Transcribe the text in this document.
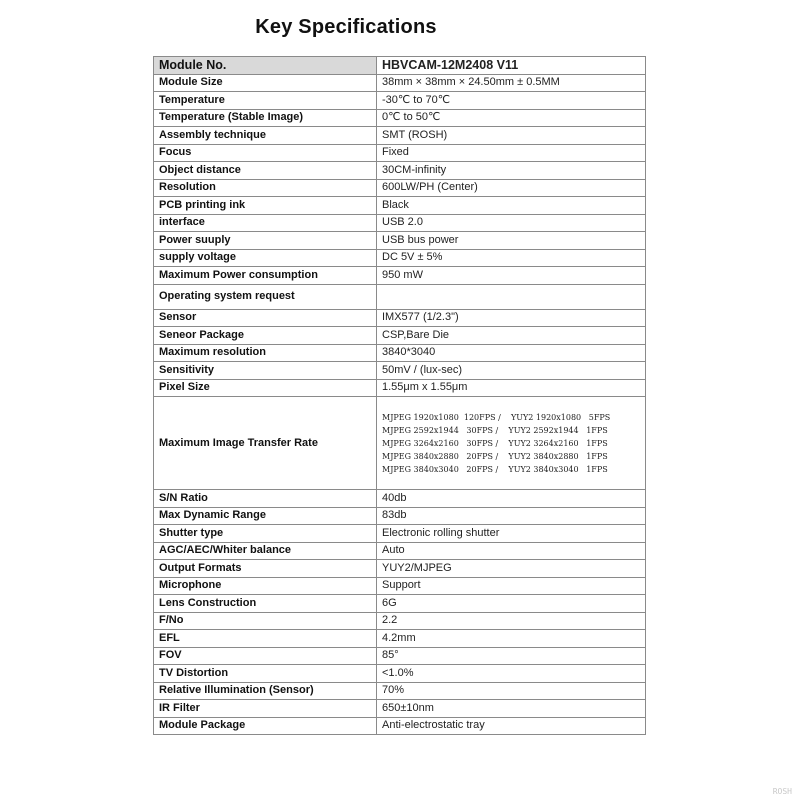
Key Specifications
Module No.	HBVCAM-12M2408 V11
Module Size	38mm × 38mm × 24.50mm ± 0.5MM
Temperature	-30℃ to 70℃
Temperature (Stable Image)	0℃ to 50℃
Assembly technique	SMT (ROSH)
Focus	Fixed
Object distance	30CM-infinity
Resolution	600LW/PH (Center)
PCB printing ink	Black
interface	USB 2.0
Power suuply	USB bus power
supply voltage	DC 5V ± 5%
Maximum Power consumption	950 mW
Operating system request	
Sensor	IMX577 (1/2.3")
Seneor Package	CSP,Bare Die
Maximum resolution	3840*3040
Sensitivity	50mV / (lux-sec)
Pixel Size	1.55μm x 1.55μm
Maximum Image Transfer Rate	MJPEG 1920x1080  120FPS /    YUY2 1920x1080   5FPS
MJPEG 2592x1944   30FPS /    YUY2 2592x1944   1FPS
MJPEG 3264x2160   30FPS /    YUY2 3264x2160   1FPS
MJPEG 3840x2880   20FPS /    YUY2 3840x2880   1FPS
MJPEG 3840x3040   20FPS /    YUY2 3840x3040   1FPS

S/N Ratio	40db
Max Dynamic Range	83db
Shutter type	Electronic rolling shutter
AGC/AEC/Whiter balance	Auto
Output Formats	YUY2/MJPEG
Microphone	Support
Lens Construction	6G
F/No	2.2
EFL	4.2mm
FOV	85°
TV Distortion	<1.0%
Relative Illumination (Sensor)	70%
IR Filter	650±10nm
Module Package	Anti-electrostatic tray
ROSH
